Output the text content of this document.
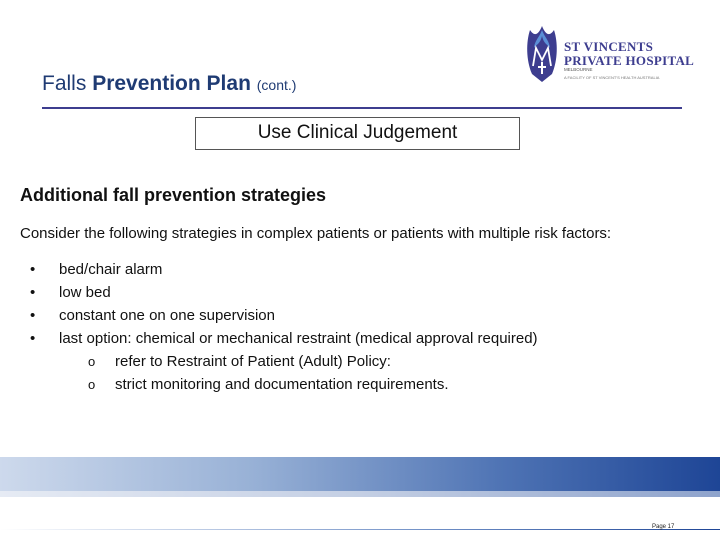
Falls Prevention Plan (cont.)
ST VINCENTS
PRIVATE HOSPITAL
MELBOURNE
A FACILITY OF ST VINCENT'S HEALTH AUSTRALIA
Use Clinical Judgement
Additional fall prevention strategies
Consider the following strategies in complex patients or patients with multiple risk factors:
• bed/chair alarm
• low bed
• constant one on one supervision
• last option: chemical or mechanical restraint (medical approval required)
o refer to Restraint of Patient (Adult) Policy:
o strict monitoring and documentation requirements.
Page 17
